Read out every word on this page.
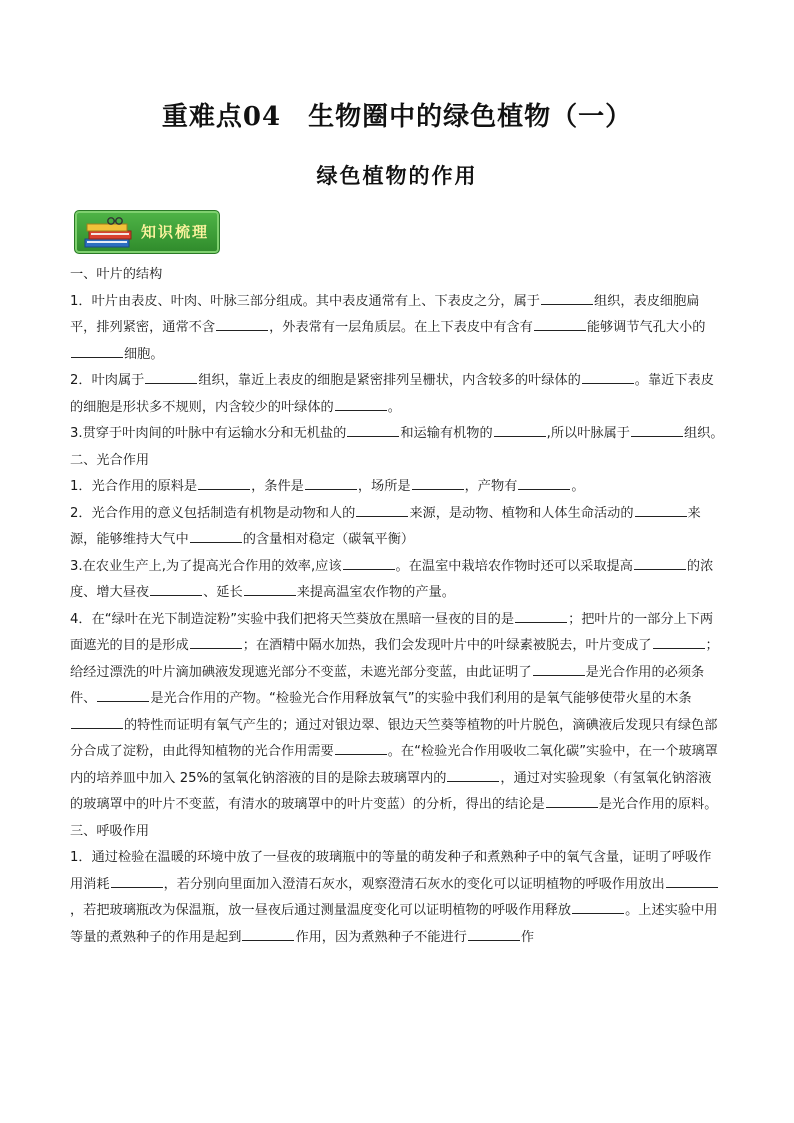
重难点04　生物圈中的绿色植物（一）
绿色植物的作用
知识梳理

一、叶片的结构

1．叶片由表皮、叶肉、叶脉三部分组成。其中表皮通常有上、下表皮之分，属于	组织，表皮细胞扁平，排列紧密，通常不含	，外表常有一层角质层。在上下表皮中有含有	能够调节气孔大小的细胞。

2．叶肉属于	组织，靠近上表皮的细胞是紧密排列呈栅状，内含较多的叶绿体的	。靠近下表皮的细胞是形状多不规则，内含较少的叶绿体的	。

3.贯穿于叶肉间的叶脉中有运输水分和无机盐的	和运输有机物的	,所以叶脉属于	组织。

二、光合作用

1．光合作用的原料是	，条件是	，场所是	，产物有	。

2．光合作用的意义包括制造有机物是动物和人的	来源，是动物、植物和人体生命活动的	来源，能够维持大气中	的含量相对稳定（碳氧平衡）

3.在农业生产上,为了提高光合作用的效率,应该	。在温室中栽培农作物时还可以采取提高	的浓度、增大昼夜	、延长	来提高温室农作物的产量。

4．在“绿叶在光下制造淀粉”实验中我们把将天竺葵放在黑暗一昼夜的目的是	；把叶片的一部分上下两面遮光的目的是形成	；在酒精中隔水加热，我们会发现叶片中的叶绿素被脱去，叶片变成了	；给经过漂洗的叶片滴加碘液发现遮光部分不变蓝，未遮光部分变蓝，由此证明了	是光合作用的必须条件、	是光合作用的产物。“检验光合作用释放氧气”的实验中我们利用的是氧气能够使带火星的木条的特性而证明有氧气产生的；通过对银边翠、银边天竺葵等植物的叶片脱色，滴碘液后发现只有绿色部分合成了淀粉，由此得知植物的光合作用需要	。在“检验光合作用吸收二氧化碳”实验中，在一个玻璃罩内的培养皿中加入 25%的氢氧化钠溶液的目的是除去玻璃罩内的	，通过对实验现象（有氢氧化钠溶液的玻璃罩中的叶片不变蓝，有清水的玻璃罩中的叶片变蓝）的分析，得出的结论是	是光合作用的原料。

三、呼吸作用

1．通过检验在温暖的环境中放了一昼夜的玻璃瓶中的等量的萌发种子和煮熟种子中的氧气含量，证明了呼吸作用消耗	，若分别向里面加入澄清石灰水，观察澄清石灰水的变化可以证明植物的呼吸作用放出，若把玻璃瓶改为保温瓶，放一昼夜后通过测量温度变化可以证明植物的呼吸作用释放	。上述实验中用等量的煮熟种子的作用是起到	作用，因为煮熟种子不能进行	作
